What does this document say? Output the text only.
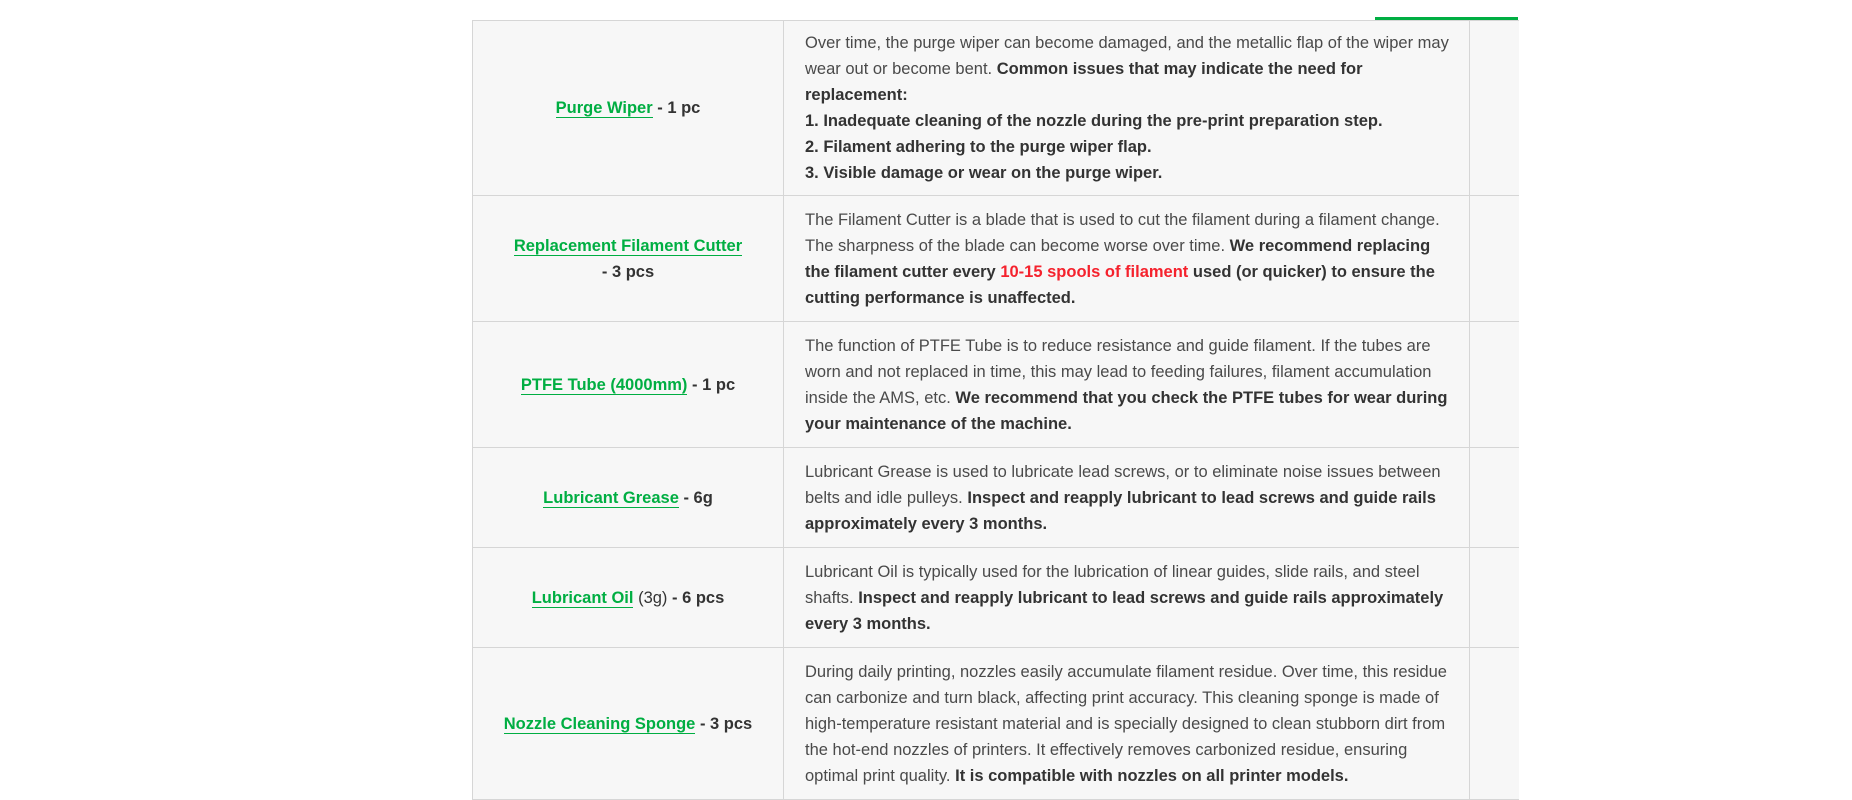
Purge Wiper - 1 pc	Over time, the purge wiper can become damaged, and the metallic flap of the wiper may wear out or become bent. Common issues that may indicate the need for replacement:
1. Inadequate cleaning of the nozzle during the pre-print preparation step.
2. Filament adhering to the purge wiper flap.
3. Visible damage or wear on the purge wiper.	

Replacement Filament Cutter
- 3 pcs	The Filament Cutter is a blade that is used to cut the filament during a filament change. The sharpness of the blade can become worse over time. We recommend replacing the filament cutter every 10-15 spools of filament used (or quicker) to ensure the cutting performance is unaffected.	
PTFE Tube (4000mm) - 1 pc	The function of PTFE Tube is to reduce resistance and guide filament. If the tubes are worn and not replaced in time, this may lead to feeding failures, filament accumulation inside the AMS, etc. We recommend that you check the PTFE tubes for wear during your maintenance of the machine.	
Lubricant Grease - 6g	Lubricant Grease is used to lubricate lead screws, or to eliminate noise issues between belts and idle pulleys. Inspect and reapply lubricant to lead screws and guide rails approximately every 3 months.	
Lubricant Oil (3g) - 6 pcs	Lubricant Oil is typically used for the lubrication of linear guides, slide rails, and steel shafts. Inspect and reapply lubricant to lead screws and guide rails approximately every 3 months.	
Nozzle Cleaning Sponge - 3 pcs	During daily printing, nozzles easily accumulate filament residue. Over time, this residue can carbonize and turn black, affecting print accuracy. This cleaning sponge is made of high-temperature resistant material and is specially designed to clean stubborn dirt from the hot-end nozzles of printers. It effectively removes carbonized residue, ensuring optimal print quality. It is compatible with nozzles on all printer models.	
